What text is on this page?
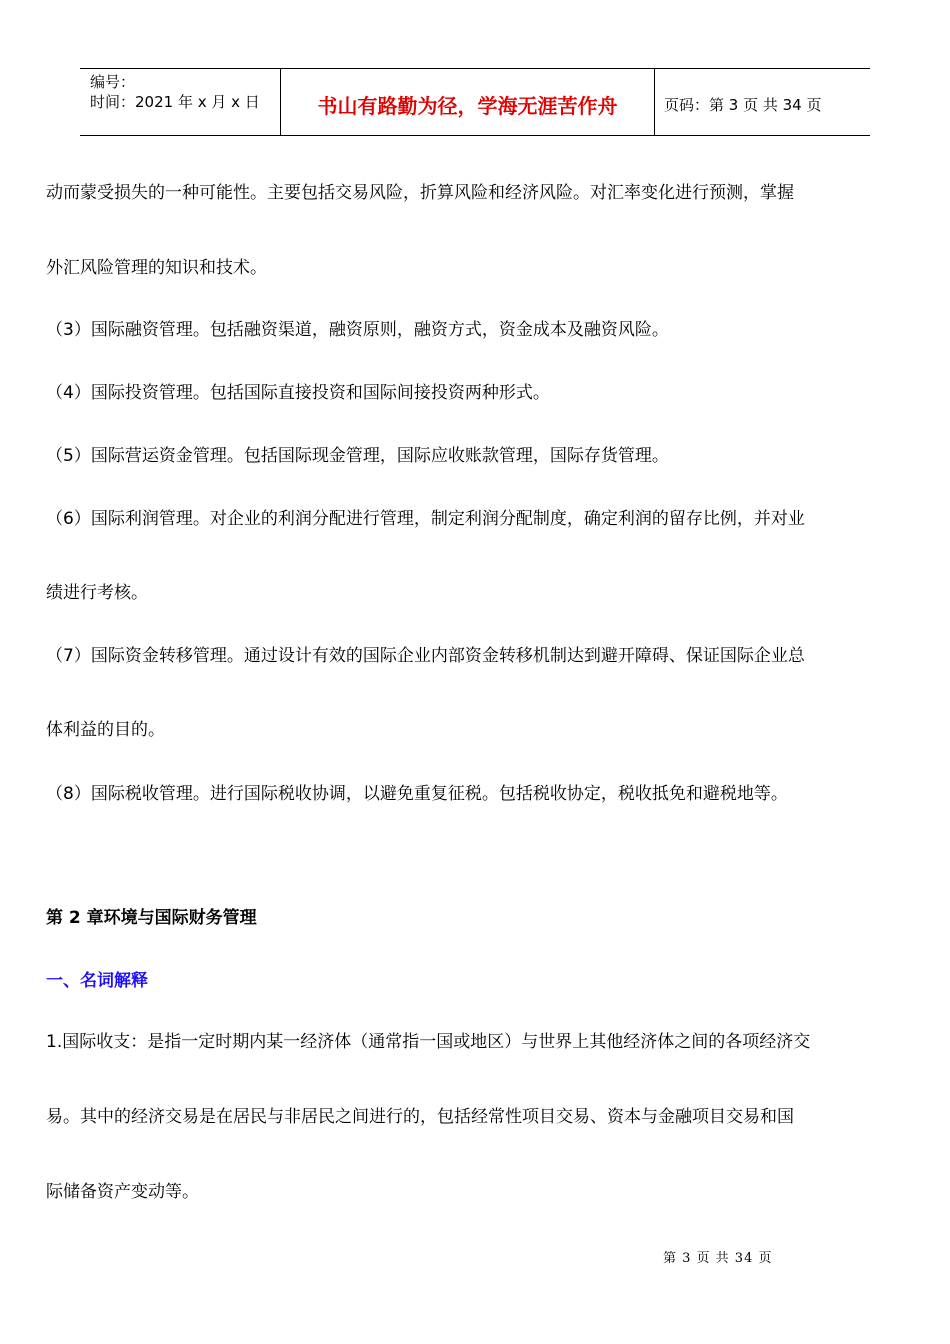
编号：
时间：2021 年 x 月 x 日	书山有路勤为径，学海无涯苦作舟	页码：第 3 页 共 34 页
动而蒙受损失的一种可能性。主要包括交易风险，折算风险和经济风险。对汇率变化进行预测，掌握
外汇风险管理的知识和技术。
（3）国际融资管理。包括融资渠道，融资原则，融资方式，资金成本及融资风险。
（4）国际投资管理。包括国际直接投资和国际间接投资两种形式。
（5）国际营运资金管理。包括国际现金管理，国际应收账款管理，国际存货管理。
（6）国际利润管理。对企业的利润分配进行管理，制定利润分配制度，确定利润的留存比例，并对业
绩进行考核。
（7）国际资金转移管理。通过设计有效的国际企业内部资金转移机制达到避开障碍、保证国际企业总
体利益的目的。
（8）国际税收管理。进行国际税收协调，以避免重复征税。包括税收协定，税收抵免和避税地等。
第 2 章环境与国际财务管理
一、名词解释
1.国际收支：是指一定时期内某一经济体（通常指一国或地区）与世界上其他经济体之间的各项经济交
易。其中的经济交易是在居民与非居民之间进行的，包括经常性项目交易、资本与金融项目交易和国
际储备资产变动等。
第 3 页 共 34 页
